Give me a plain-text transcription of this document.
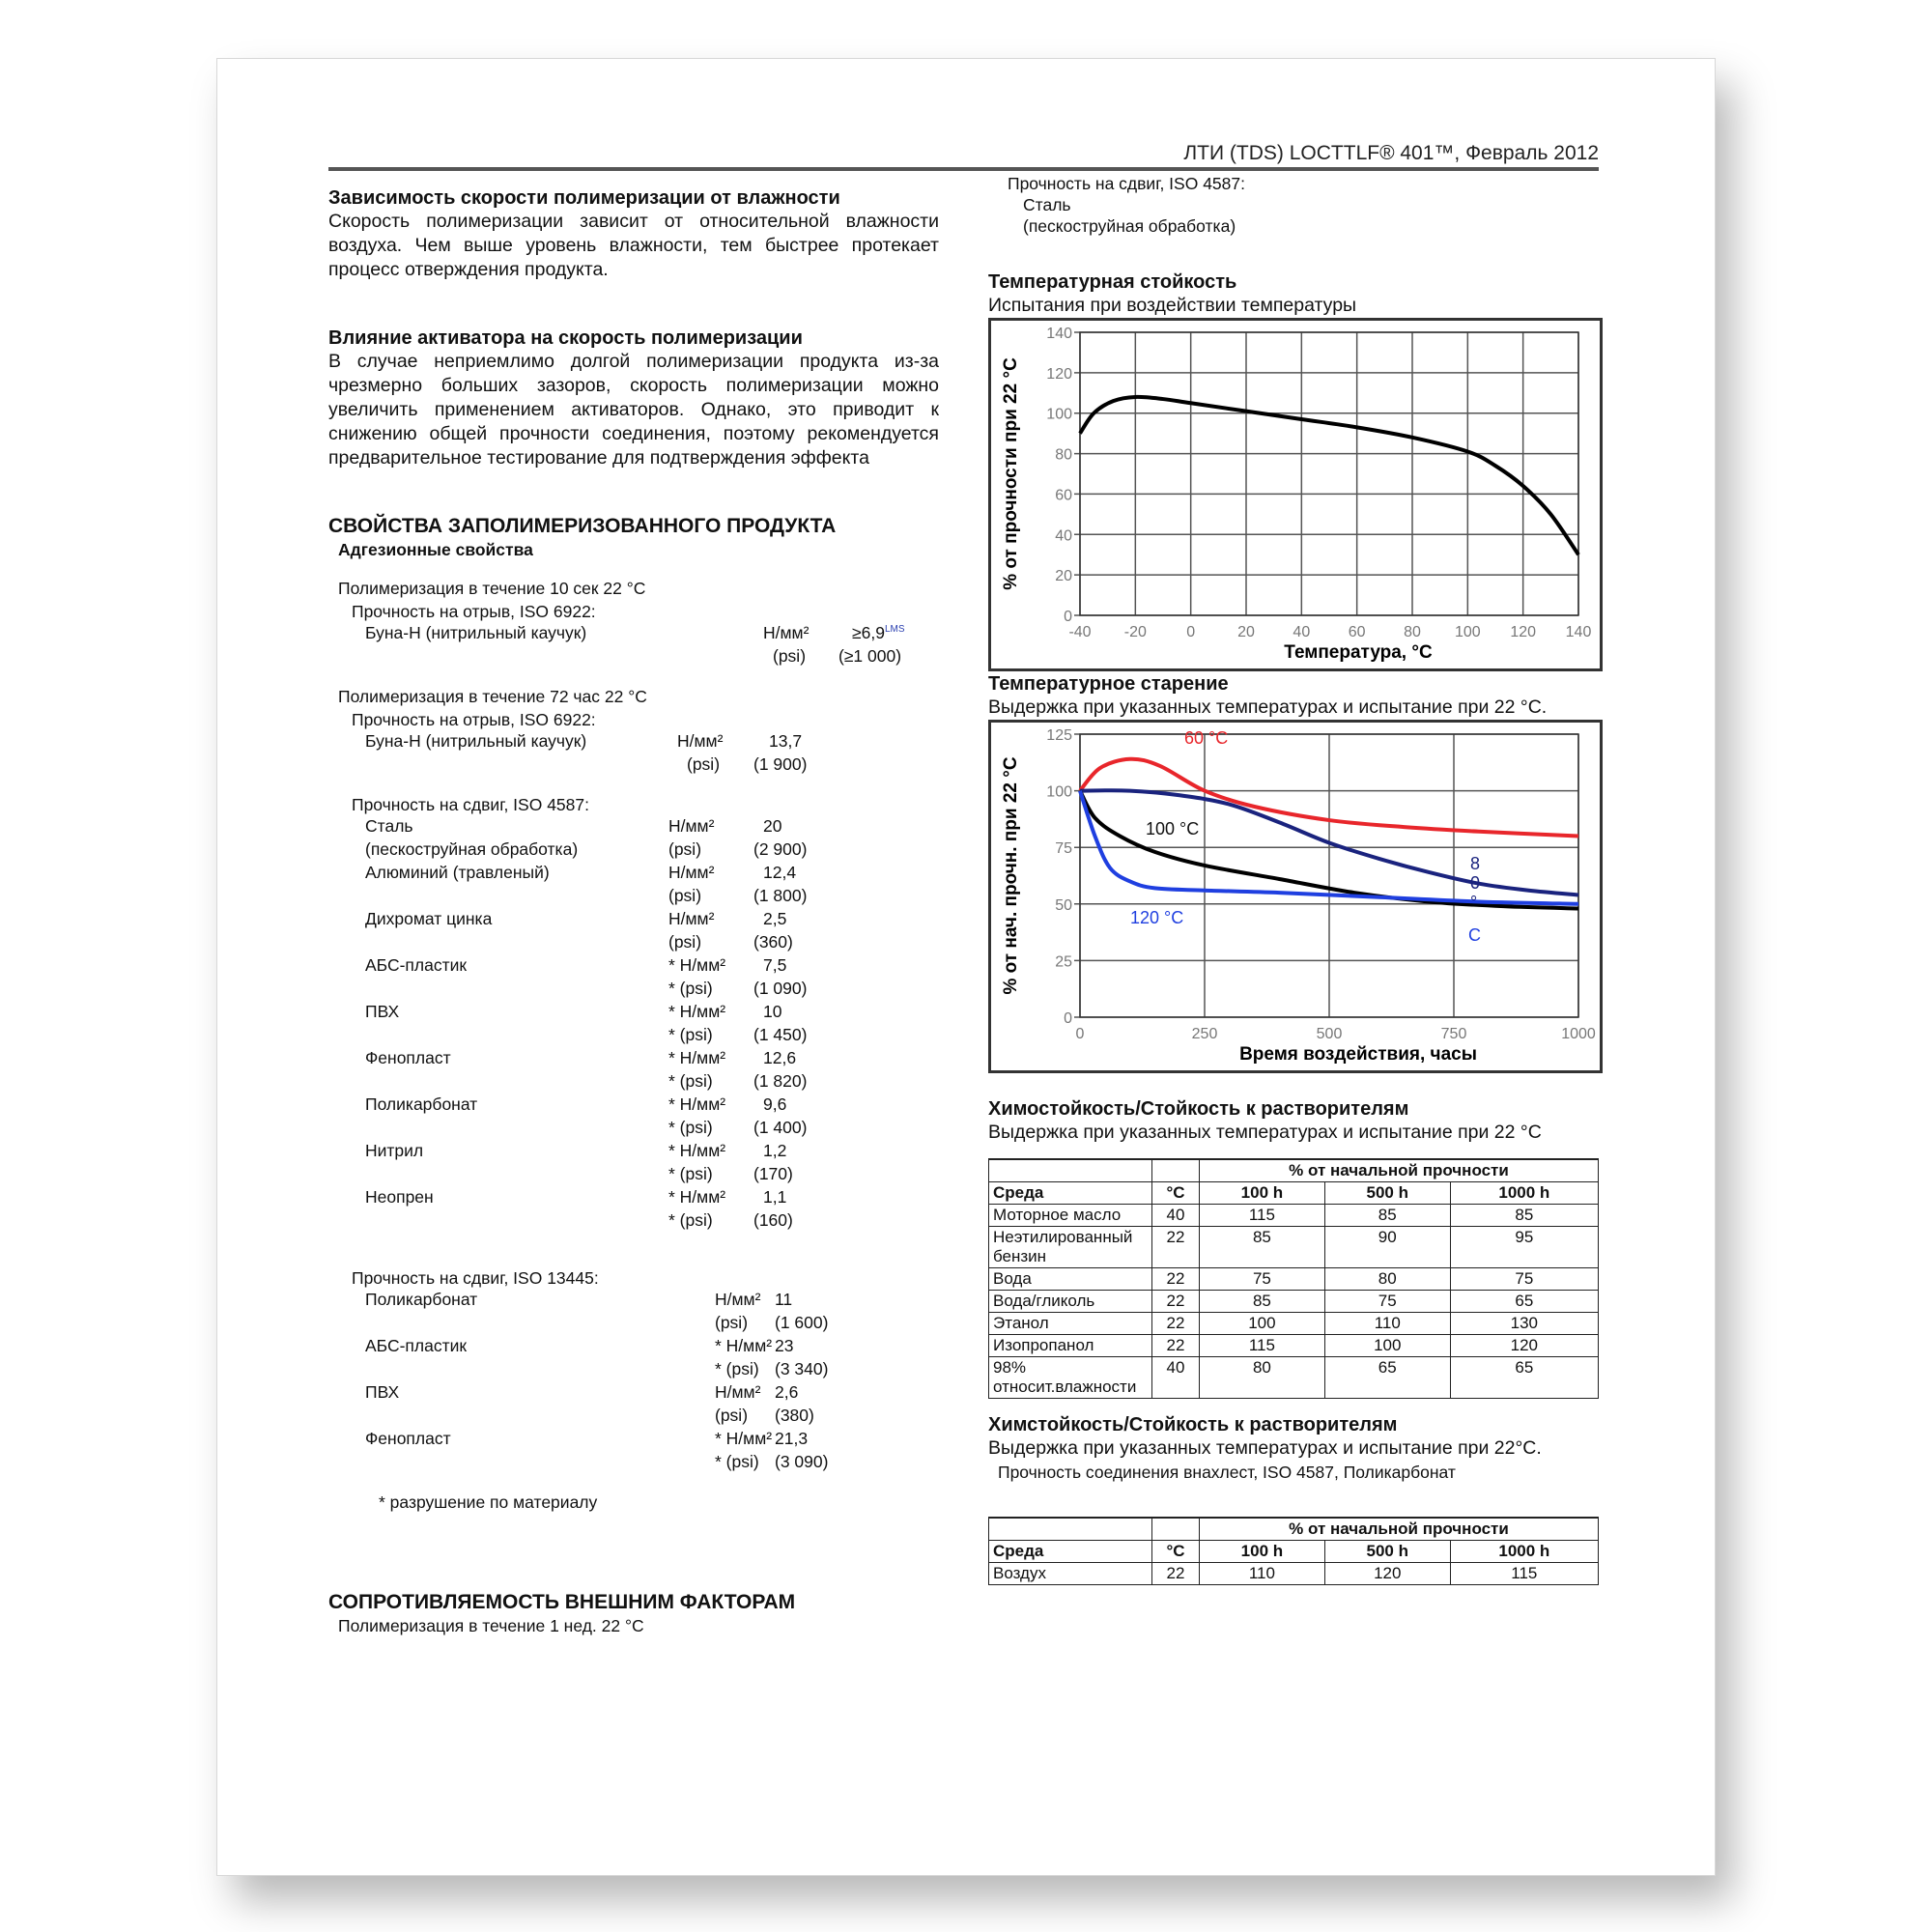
ЛТИ (TDS) LOCTTLF® 401™, Февраль 2012

Зависимость скорости полимеризации от влажности

Скорость полимеризации зависит от относительной влажности воздуха. Чем выше уровень влажности, тем быстрее протекает процесс отверждения продукта.

Влияние активатора на скорость полимеризации

В случае неприемлимо долгой полимеризации продукта из-за чрезмерно больших зазоров, скорость полимеризации можно увеличить применением активаторов. Однако, это приводит к снижению общей прочности соединения, поэтому рекомендуется предварительное тестирование для подтверждения эффекта

СВОЙСТВА ЗАПОЛИМЕРИЗОВАННОГО ПРОДУКТА

Адгезионные свойства
Полимеризация в течение 10 сек 22 °С
Прочность на отрыв, ISO 6922:
Буна-Н (нитрильный каучук)	Н/мм²	$\ge 6,9^{LMS}$
(psi) (≥1 000)
Полимеризация в течение 72 час 22 °С
Прочность на отрыв, ISO 6922:
Буна-Н (нитрильный каучук)	Н/мм²	13,7
(psi) (1 900)
Прочность на сдвиг, ISO 4587:
Сталь	Н/мм²	20
(пескоструйная обработка)	(psi)	(2 900)
Алюминий (травленый)	Н/мм²	12,4
(psi)	(1 800)
Дихромат цинка	Н/мм²	2,5
(psi)	(360)
АБС-пластик	* Н/мм² 7,5
* (psi) (1 090)
ПВХ	* Н/мм² 10
* (psi) (1 450)
Фенопласт	* Н/мм² 12,6
* (psi) (1 820)
Поликарбонат	* Н/мм² 9,6
* (psi) (1 400)
Нитрил	* Н/мм² 1,2
* (psi) (170)
Неопрен	* Н/мм² 1,1
* (psi) (160)
Прочность на сдвиг, ISO 13445:
Поликарбонат	Н/мм² 11
(psi) (1 600)
АБС-пластик	* Н/мм² 23
* (psi) (3 340)
ПВХ	Н/мм² 2,6
(psi) (380)
Фенопласт	* Н/мм² 21,3
* (psi) (3 090)
* разрушение по материалу

СОПРОТИВЛЯЕМОСТЬ ВНЕШНИМ ФАКТОРАМ

Полимеризация в течение 1 нед. 22 °С
Прочность на сдвиг, ISO 4587:
Сталь
(пескоструйная обработка)

Температурная стойкость

Испытания при воздействии температуры

-40 -20	0	20 40 60 80 100 120 140
0
20
40
60
80
100
120
140
Температура, °С
% от прочности при 22 °С

Температурное старение

Выдержка при указанных температурах и испытание при 22 °С.

0	250	500	750	1000
0
25
50
75
100
125
Время воздействия, часы
% от нач. прочн. при 22 °С
60 °С
100 °С
120 °С
8
0
°
С

Химостойкость/Стойкость к растворителям

Выдержка при указанных температурах и испытание при 22 °С

		% от начальной прочности		
Среда	°С	100 h	500 h	1000 h
Моторное масло	40	115	85	85
Неэтилированный бензин	22	85	90	95
Вода	22	75	80	75
Вода/гликоль	22	85	75	65
Этанол	22	100	110	130
Изопропанол	22	115	100	120
98% относит.влажности	40	80	65	65

Химстойкость/Стойкость к растворителям

Выдержка при указанных температурах и испытание при 22°С.

Прочность соединения внахлест, ISO 4587, Поликарбонат
		% от начальной прочности		
Среда	°С	100 h	500 h	1000 h
Воздух	22	110	120	115
